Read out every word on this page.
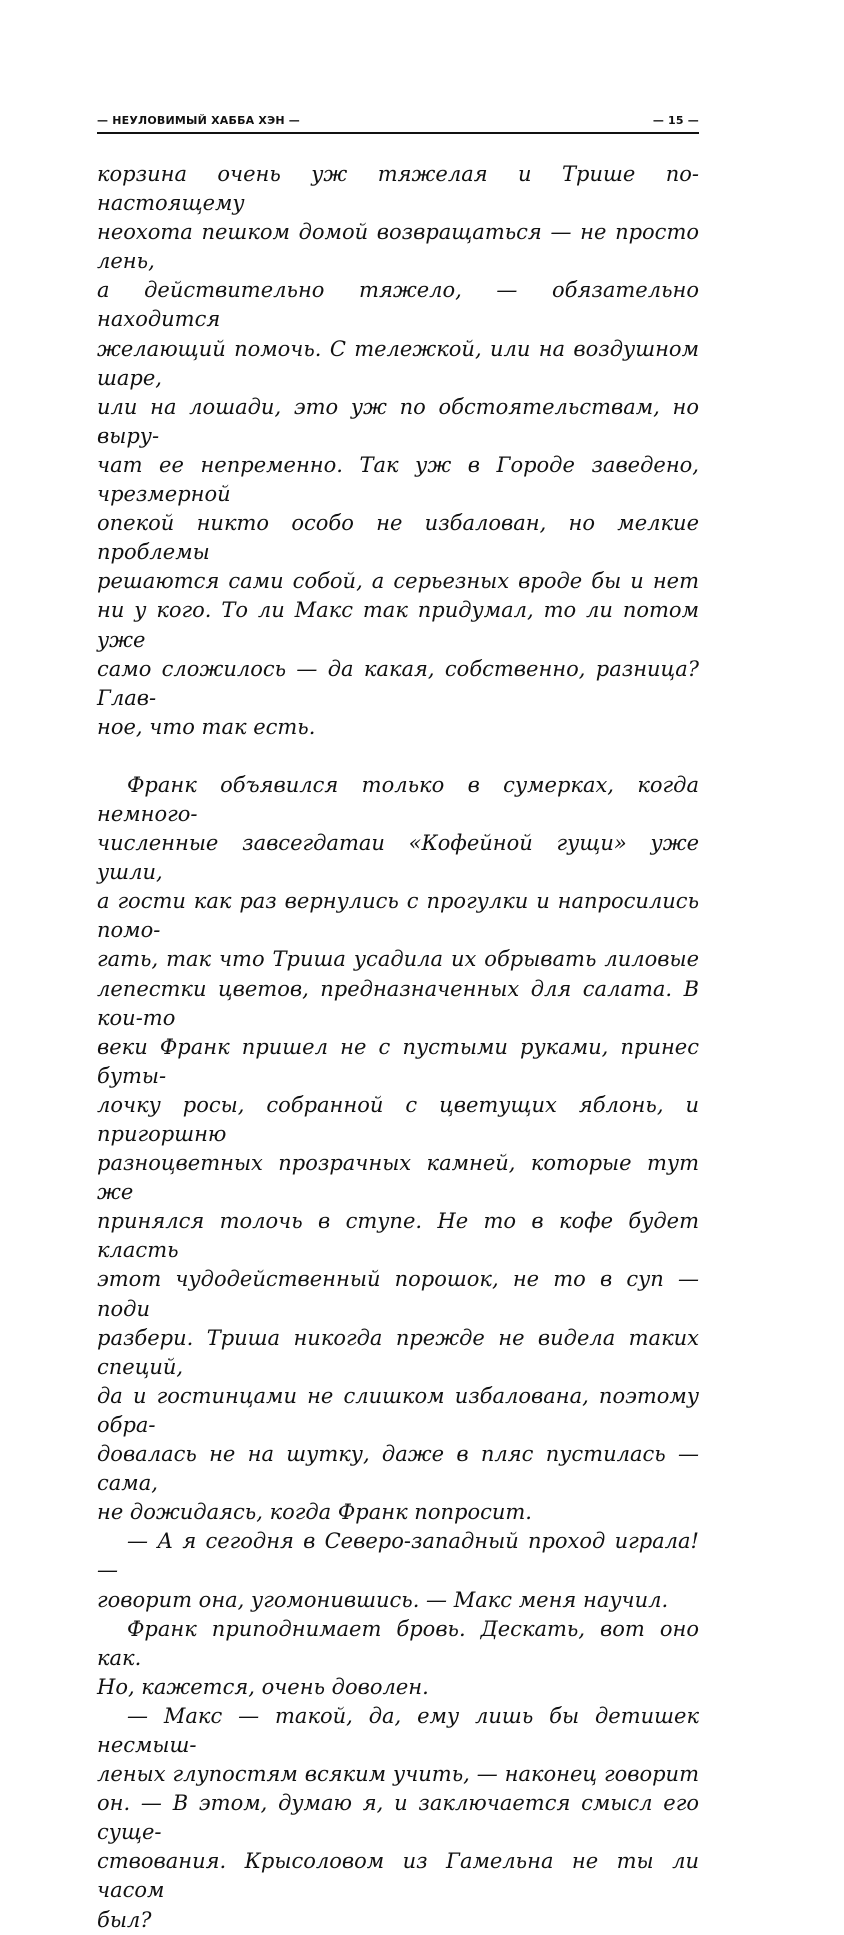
— НЕУЛОВИМЫЙ ХАББА ХЭН —	— 15 —

корзина очень уж тяжелая и Трише по-настоящему

неохота пешком домой возвращаться — не просто лень,

а действительно тяжело, — обязательно находится

желающий помочь. С тележкой, или на воздушном шаре,

или на лошади, это уж по обстоятельствам, но выру-

чат ее непременно. Так уж в Городе заведено, чрезмерной

опекой никто особо не избалован, но мелкие проблемы

решаются сами собой, а серьезных вроде бы и нет

ни у кого. То ли Макс так придумал, то ли потом уже

само сложилось — да какая, собственно, разница? Глав-

ное, что так есть.

Франк объявился только в сумерках, когда немного-

численные завсегдатаи «Кофейной гущи» уже ушли,

а гости как раз вернулись с прогулки и напросились помо-

гать, так что Триша усадила их обрывать лиловые

лепестки цветов, предназначенных для салата. В кои-то

веки Франк пришел не с пустыми руками, принес буты-

лочку росы, собранной с цветущих яблонь, и пригоршню

разноцветных прозрачных камней, которые тут же

принялся толочь в ступе. Не то в кофе будет класть

этот чудодейственный порошок, не то в суп — поди

разбери. Триша никогда прежде не видела таких специй,

да и гостинцами не слишком избалована, поэтому обра-

довалась не на шутку, даже в пляс пустилась — сама,

не дожидаясь, когда Франк попросит.

— А я сегодня в Северо-западный проход играла! —

говорит она, угомонившись. — Макс меня научил.

Франк приподнимает бровь. Дескать, вот оно как.

Но, кажется, очень доволен.

— Макс — такой, да, ему лишь бы детишек несмыш-

леных глупостям всяким учить, — наконец говорит

он. — В этом, думаю я, и заключается смысл его суще-

ствования. Крысоловом из Гамельна не ты ли часом

был?
